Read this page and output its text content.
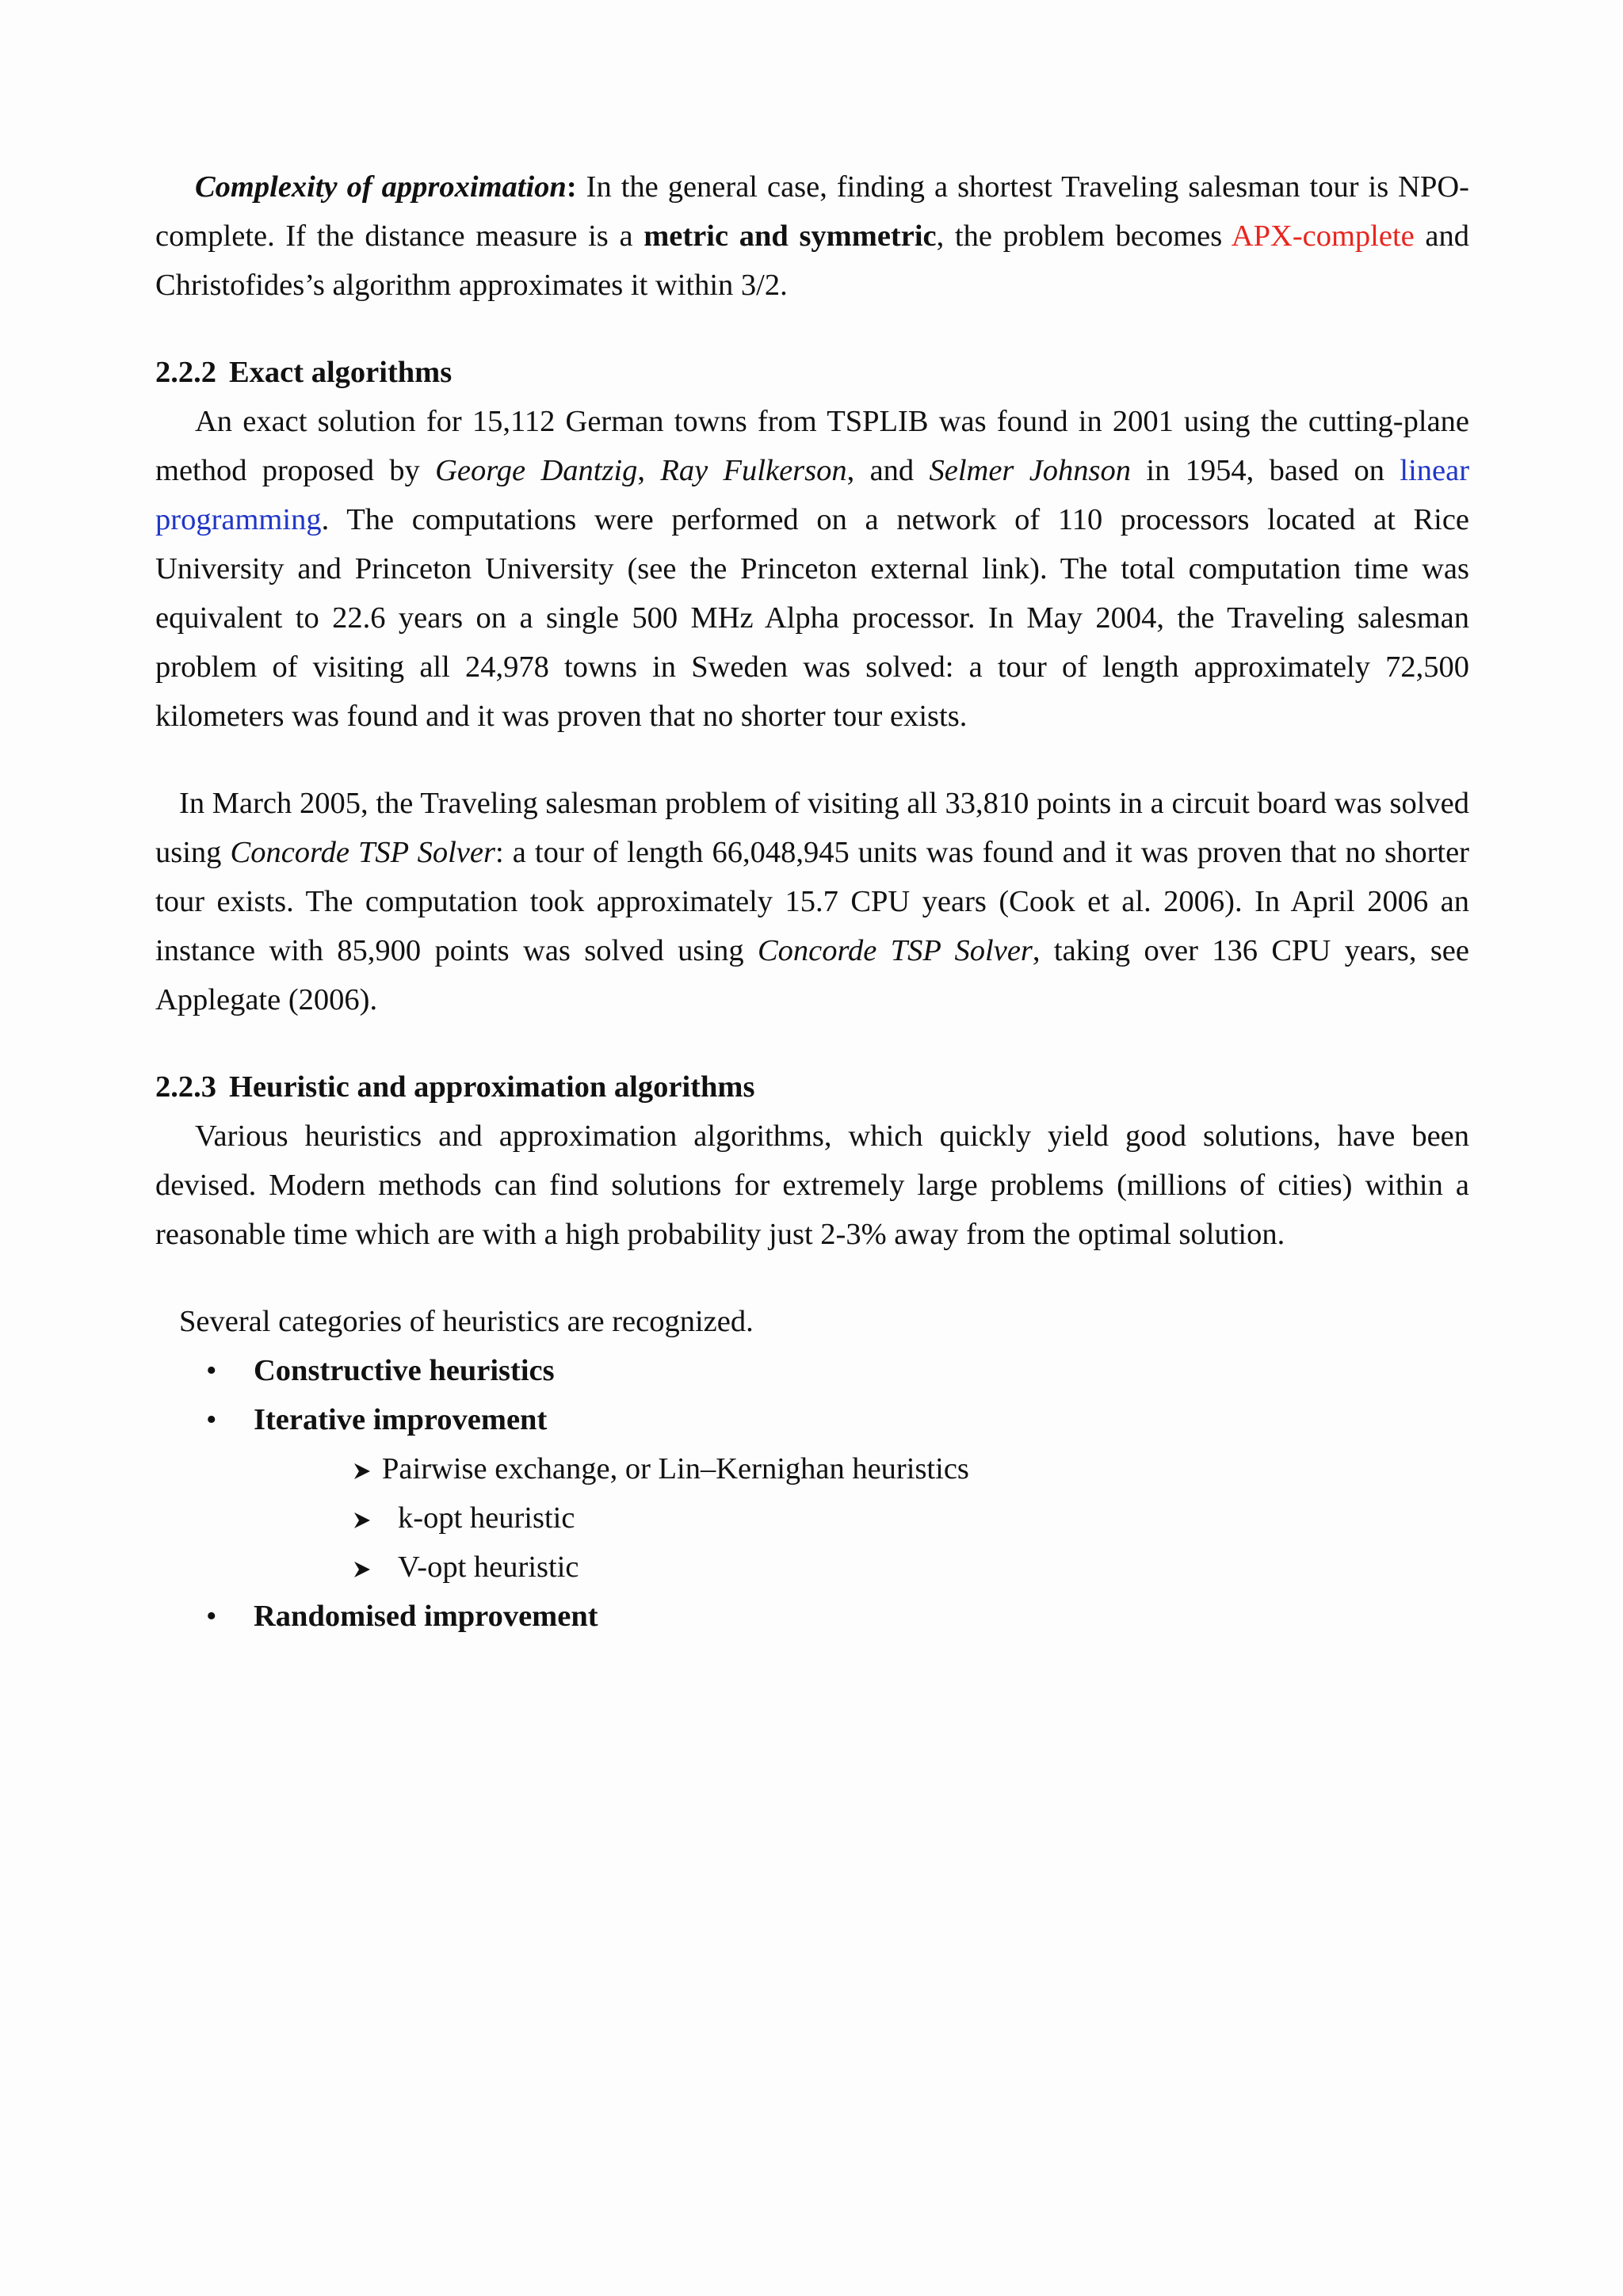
Complexity of approximation: In the general case, finding a shortest Traveling salesman tour is NPO-complete. If the distance measure is a metric and symmetric, the problem becomes APX-complete and Christofides’s algorithm approximates it within 3/2.

2.2.2 Exact algorithms

An exact solution for 15,112 German towns from TSPLIB was found in 2001 using the cutting-plane method proposed by George Dantzig, Ray Fulkerson, and Selmer Johnson in 1954, based on linear programming. The computations were performed on a network of 110 processors located at Rice University and Princeton University (see the Princeton external link). The total computation time was equivalent to 22.6 years on a single 500 MHz Alpha processor. In May 2004, the Traveling salesman problem of visiting all 24,978 towns in Sweden was solved: a tour of length approximately 72,500 kilometers was found and it was proven that no shorter tour exists.

In March 2005, the Traveling salesman problem of visiting all 33,810 points in a circuit board was solved using Concorde TSP Solver: a tour of length 66,048,945 units was found and it was proven that no shorter tour exists. The computation took approximately 15.7 CPU years (Cook et al. 2006). In April 2006 an instance with 85,900 points was solved using Concorde TSP Solver, taking over 136 CPU years, see Applegate (2006).

2.2.3 Heuristic and approximation algorithms

Various heuristics and approximation algorithms, which quickly yield good solutions, have been devised. Modern methods can find solutions for extremely large problems (millions of cities) within a reasonable time which are with a high probability just 2-3% away from the optimal solution.

Several categories of heuristics are recognized.

• Constructive heuristics
• Iterative improvement
Pairwise exchange, or Lin–Kernighan heuristics
k-opt heuristic
V-opt heuristic
• Randomised improvement
